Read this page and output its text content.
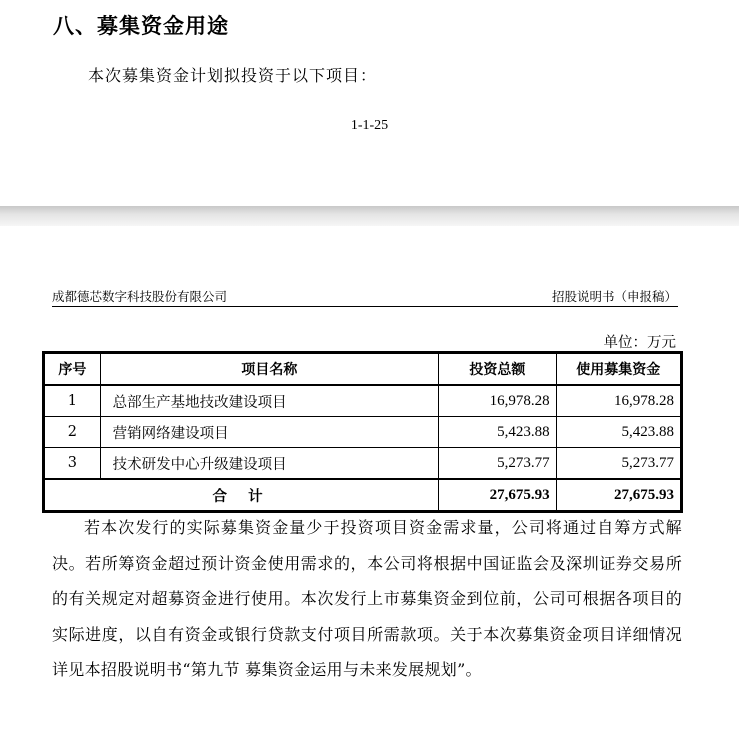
八、募集资金用途
本次募集资金计划拟投资于以下项目：
1-1-25
成都德芯数字科技股份有限公司	招股说明书（申报稿）
单位：万元
序号	项目名称	投资总额	使用募集资金
1	总部生产基地技改建设项目	16,978.28	16,978.28
2	营销网络建设项目	5,423.88	5,423.88
3	技术研发中心升级建设项目	5,273.77	5,273.77
合 计		27,675.93	27,675.93
若本次发行的实际募集资金量少于投资项目资金需求量，公司将通过自筹方式解决。若所筹资金超过预计资金使用需求的，本公司将根据中国证监会及深圳证券交易所的有关规定对超募资金进行使用。本次发行上市募集资金到位前，公司可根据各项目的实际进度，以自有资金或银行贷款支付项目所需款项。关于本次募集资金项目详细情况详见本招股说明书“第九节 募集资金运用与未来发展规划”。
